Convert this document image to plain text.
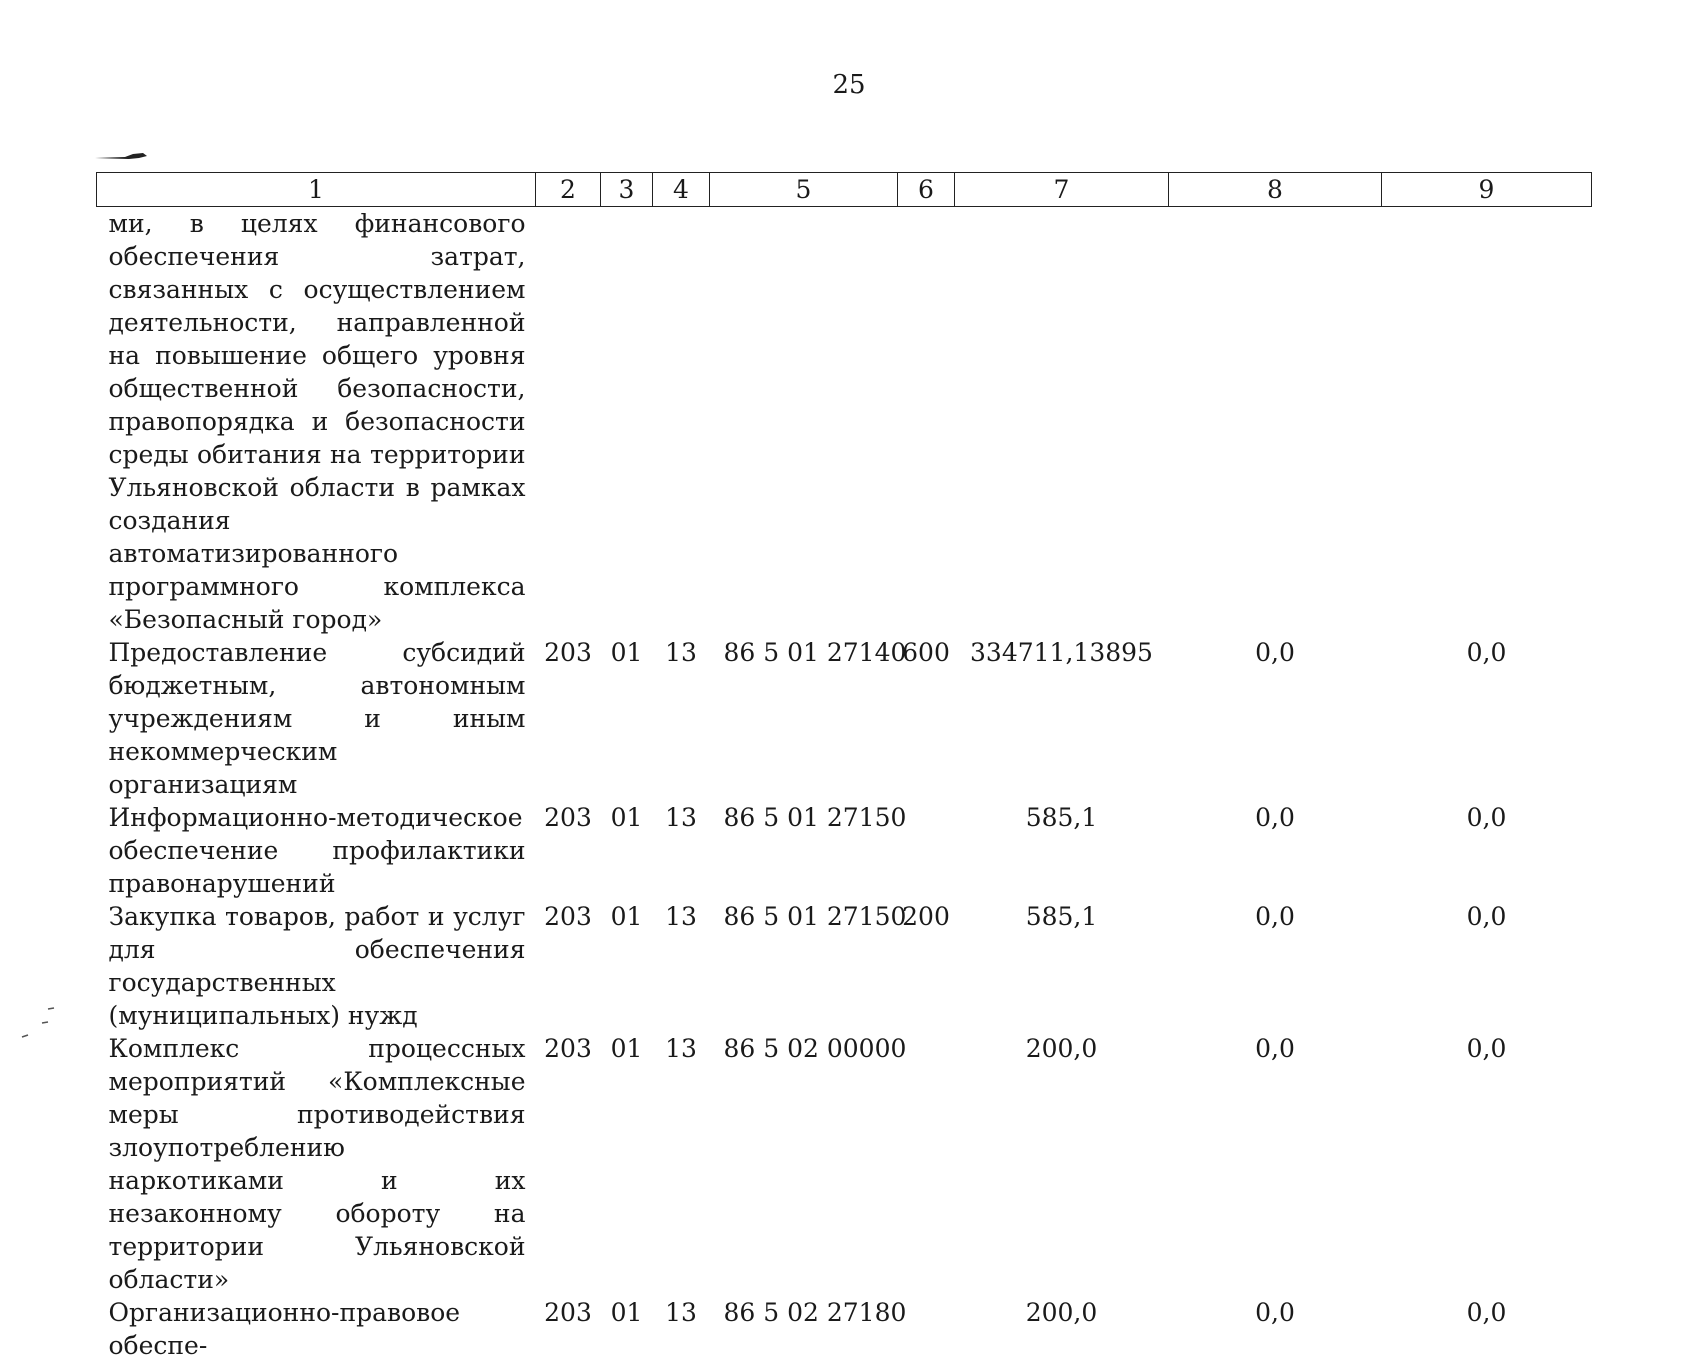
25
1	2	3	4	5	6	7	8	9
ми, в целях финансового обеспечения затрат, связанных с осуществлением деятельности, направленной на повышение общего уровня общественной безопасности, правопорядка и безопасности среды обитания на территории Ульяновской области в рамках создания автоматизированного программного комплекса «Безопасный город»								
Предоставление субсидий бюджетным, автономным учреждениям и иным некоммерческим организациям	203	01	13	86 5 01 27140	600	334711,13895	0,0	0,0
Информационно-методическое обеспечение профилактики правонарушений	203	01	13	86 5 01 27150		585,1	0,0	0,0
Закупка товаров, работ и услуг для обеспечения государственных (муниципальных) нужд	203	01	13	86 5 01 27150	200	585,1	0,0	0,0
Комплекс процессных мероприятий «Комплексные меры противодействия злоупотреблению наркотиками и их незаконному обороту на территории Ульяновской области»	203	01	13	86 5 02 00000		200,0	0,0	0,0
Организационно-правовое обеспе-	203	01	13	86 5 02 27180		200,0	0,0	0,0
